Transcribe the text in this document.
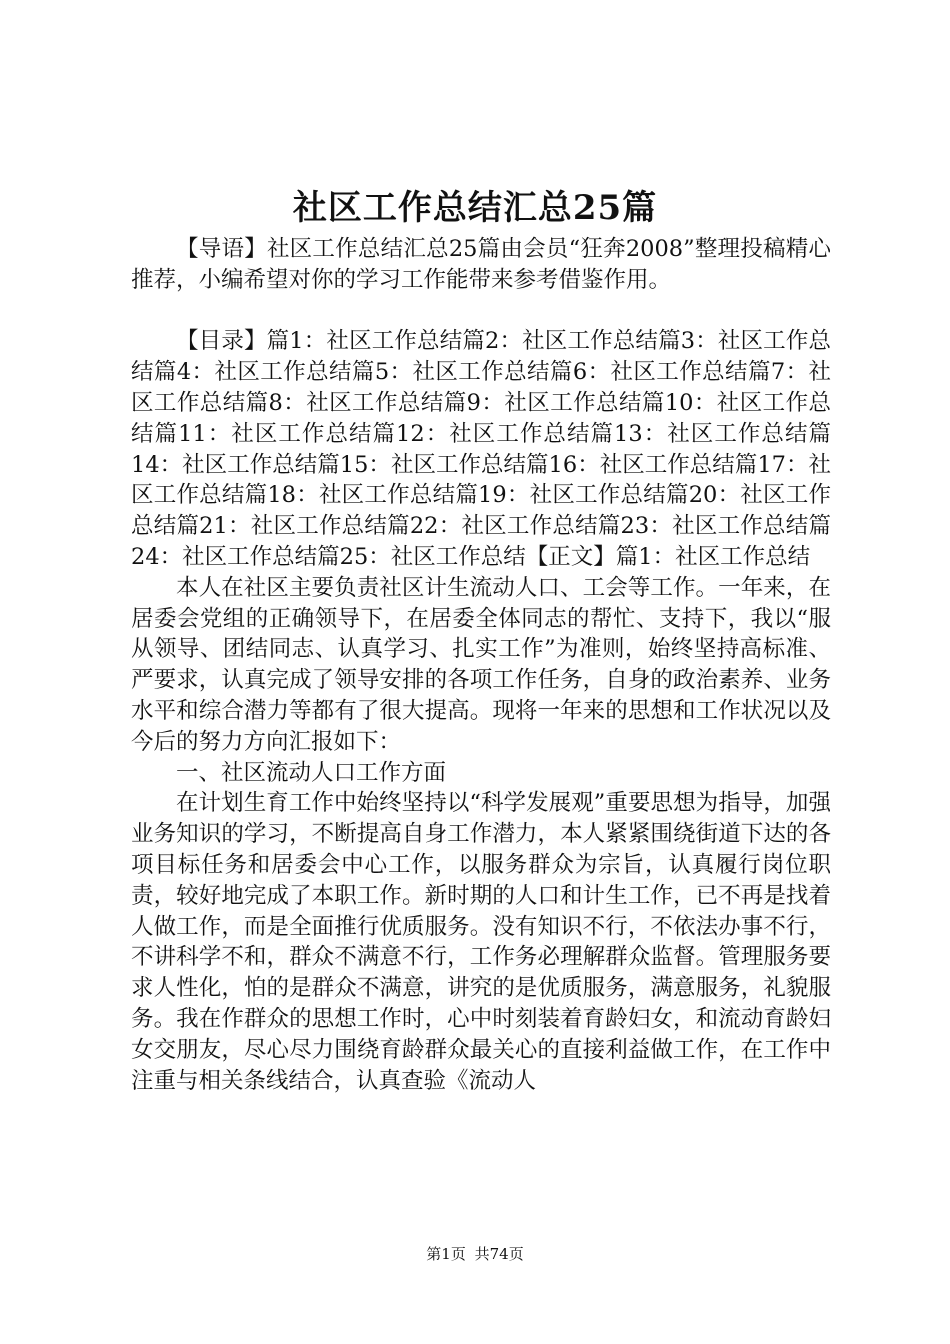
社区工作总结汇总25篇

【导语】社区工作总结汇总25篇由会员“狂奔2008”整理投稿精心推荐，小编希望对你的学习工作能带来参考借鉴作用。

【目录】篇1：社区工作总结篇2：社区工作总结篇3：社区工作总结篇4：社区工作总结篇5：社区工作总结篇6：社区工作总结篇7：社区工作总结篇8：社区工作总结篇9：社区工作总结篇10：社区工作总结篇11：社区工作总结篇12：社区工作总结篇13：社区工作总结篇14：社区工作总结篇15：社区工作总结篇16：社区工作总结篇17：社区工作总结篇18：社区工作总结篇19：社区工作总结篇20：社区工作总结篇21：社区工作总结篇22：社区工作总结篇23：社区工作总结篇24：社区工作总结篇25：社区工作总结【正文】篇1：社区工作总结

本人在社区主要负责社区计生流动人口、工会等工作。一年来，在居委会党组的正确领导下，在居委全体同志的帮忙、支持下，我以“服从领导、团结同志、认真学习、扎实工作”为准则，始终坚持高标准、严要求，认真完成了领导安排的各项工作任务，自身的政治素养、业务水平和综合潜力等都有了很大提高。现将一年来的思想和工作状况以及今后的努力方向汇报如下：

一、社区流动人口工作方面

在计划生育工作中始终坚持以“科学发展观”重要思想为指导，加强业务知识的学习，不断提高自身工作潜力，本人紧紧围绕街道下达的各项目标任务和居委会中心工作，以服务群众为宗旨，认真履行岗位职责，较好地完成了本职工作。新时期的人口和计生工作，已不再是找着人做工作，而是全面推行优质服务。没有知识不行，不依法办事不行，不讲科学不和，群众不满意不行，工作务必理解群众监督。管理服务要求人性化，怕的是群众不满意，讲究的是优质服务，满意服务，礼貌服务。我在作群众的思想工作时，心中时刻装着育龄妇女，和流动育龄妇女交朋友，尽心尽力围绕育龄群众最关心的直接利益做工作，在工作中注重与相关条线结合，认真查验《流动人

第1页 共74页
